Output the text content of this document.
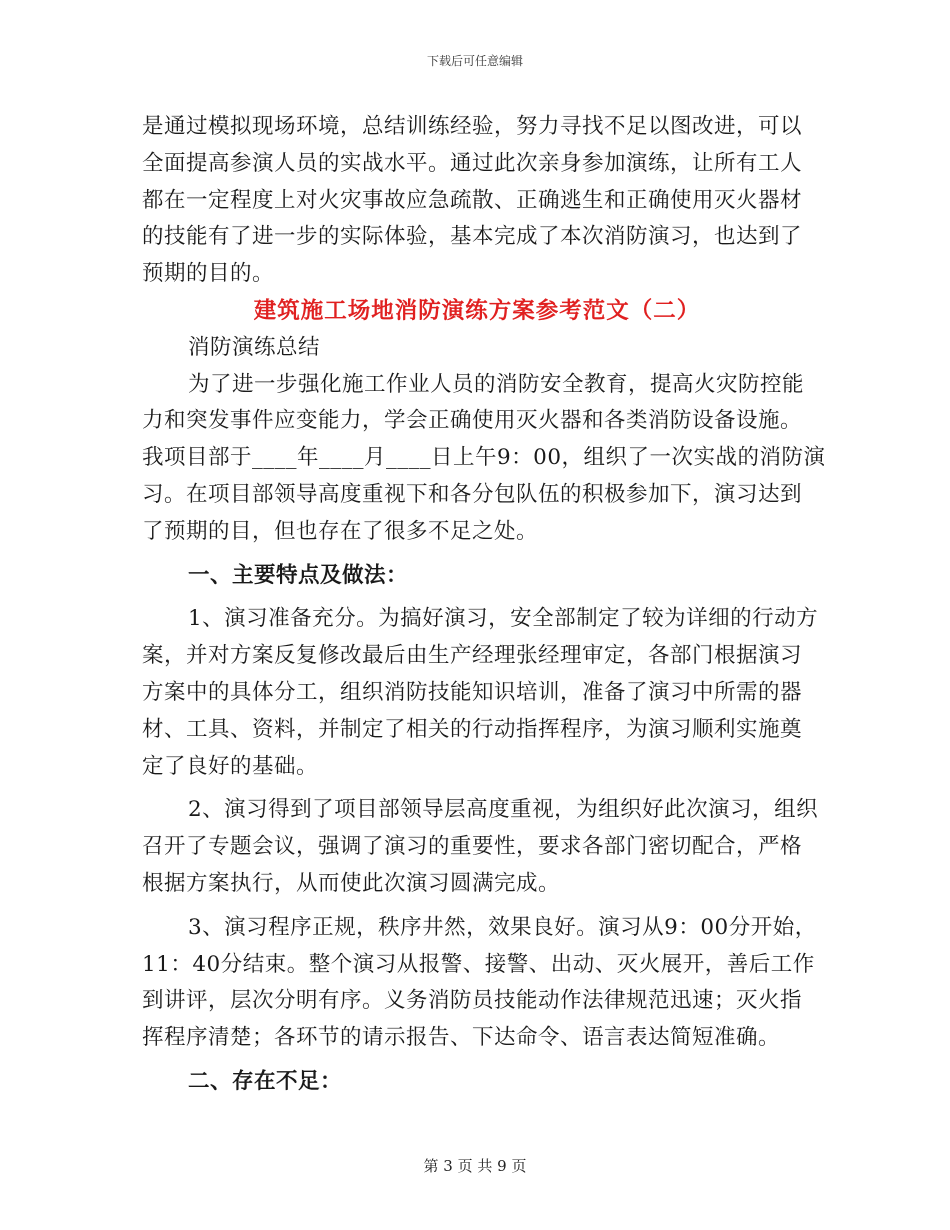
下载后可任意编辑
是通过模拟现场环境，总结训练经验，努力寻找不足以图改进，可以
全面提高参演人员的实战水平。通过此次亲身参加演练，让所有工人
都在一定程度上对火灾事故应急疏散、正确逃生和正确使用灭火器材
的技能有了进一步的实际体验，基本完成了本次消防演习，也达到了
预期的目的。
建筑施工场地消防演练方案参考范文（二）
消防演练总结
为了进一步强化施工作业人员的消防安全教育，提高火灾防控能
力和突发事件应变能力，学会正确使用灭火器和各类消防设备设施。
我项目部于____年____月____日上午9：00，组织了一次实战的消防演
习。在项目部领导高度重视下和各分包队伍的积极参加下，演习达到
了预期的目，但也存在了很多不足之处。
一、主要特点及做法：
1、演习准备充分。为搞好演习，安全部制定了较为详细的行动方
案，并对方案反复修改最后由生产经理张经理审定，各部门根据演习
方案中的具体分工，组织消防技能知识培训，准备了演习中所需的器
材、工具、资料，并制定了相关的行动指挥程序，为演习顺利实施奠
定了良好的基础。
2、演习得到了项目部领导层高度重视，为组织好此次演习，组织
召开了专题会议，强调了演习的重要性，要求各部门密切配合，严格
根据方案执行，从而使此次演习圆满完成。
3、演习程序正规，秩序井然，效果良好。演习从9：00分开始，
11：40分结束。整个演习从报警、接警、出动、灭火展开，善后工作
到讲评，层次分明有序。义务消防员技能动作法律规范迅速；灭火指
挥程序清楚；各环节的请示报告、下达命令、语言表达简短准确。
二、存在不足：
第 3 页 共 9 页
